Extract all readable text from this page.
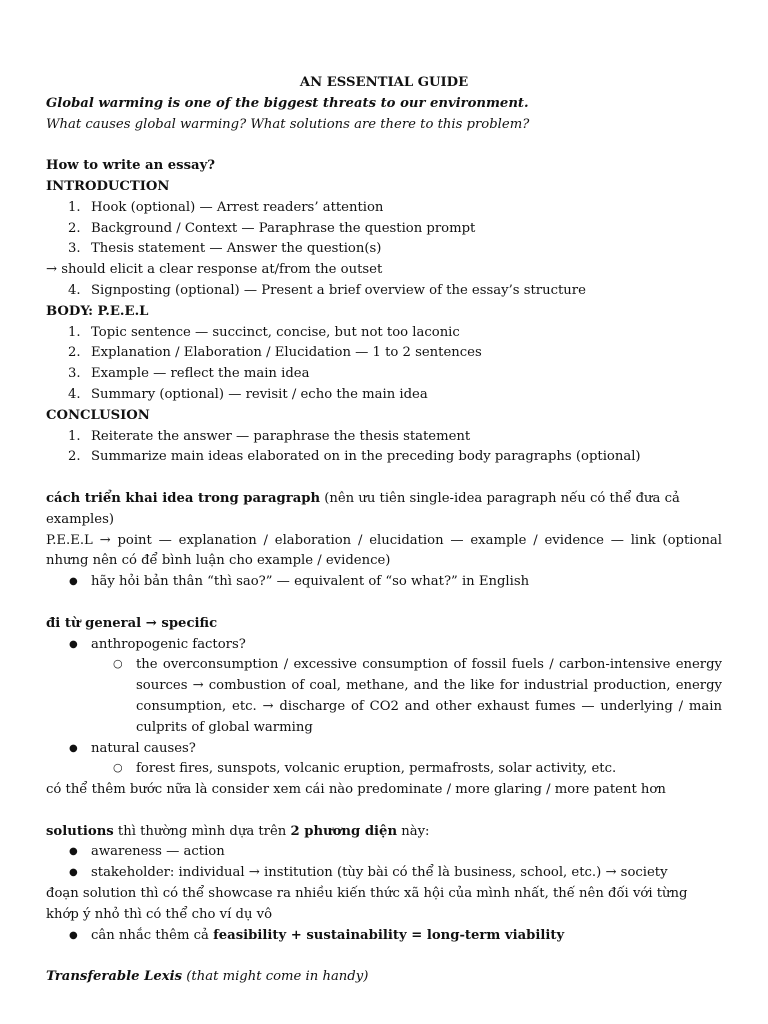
AN ESSENTIAL GUIDE

Global warming is one of the biggest threats to our environment.

What causes global warming? What solutions are there to this problem?

How to write an essay?

INTRODUCTION

1. Hook (optional) — Arrest readers’ attention
2. Background / Context — Paraphrase the question prompt
3. Thesis statement — Answer the question(s)

→ should elicit a clear response at/from the outset

4. Signposting (optional) — Present a brief overview of the essay’s structure

BODY: P.E.E.L

1. Topic sentence — succinct, concise, but not too laconic
2. Explanation / Elaboration / Elucidation — 1 to 2 sentences
3. Example — reflect the main idea
4. Summary (optional) — revisit / echo the main idea

CONCLUSION

1. Reiterate the answer — paraphrase the thesis statement
2. Summarize main ideas elaborated on in the preceding body paragraphs (optional)

cách triển khai idea trong paragraph (nên ưu tiên single-idea paragraph nếu có thể đưa cả examples)

P.E.E.L → point — explanation / elaboration / elucidation — example / evidence — link (optional nhưng nên có để bình luận cho example / evidence)

● hãy hỏi bản thân “thì sao?” — equivalent of “so what?” in English

đi từ general → specific

● anthropogenic factors?
○ the overconsumption / excessive consumption of fossil fuels / carbon-intensive energy sources → combustion of coal, methane, and the like for industrial production, energy consumption, etc. → discharge of CO2 and other exhaust fumes — underlying / main culprits of global warming
● natural causes?
○ forest fires, sunspots, volcanic eruption, permafrosts, solar activity, etc.

có thể thêm bước nữa là consider xem cái nào predominate / more glaring / more patent hơn

solutions thì thường mình dựa trên 2 phương diện này:

● awareness — action
● stakeholder: individual → institution (tùy bài có thể là business, school, etc.) → society

đoạn solution thì có thể showcase ra nhiều kiến thức xã hội của mình nhất, thế nên đối với từng khớp ý nhỏ thì có thể cho ví dụ vô

● cân nhắc thêm cả feasibility + sustainability = long-term viability

Transferable Lexis (that might come in handy)
